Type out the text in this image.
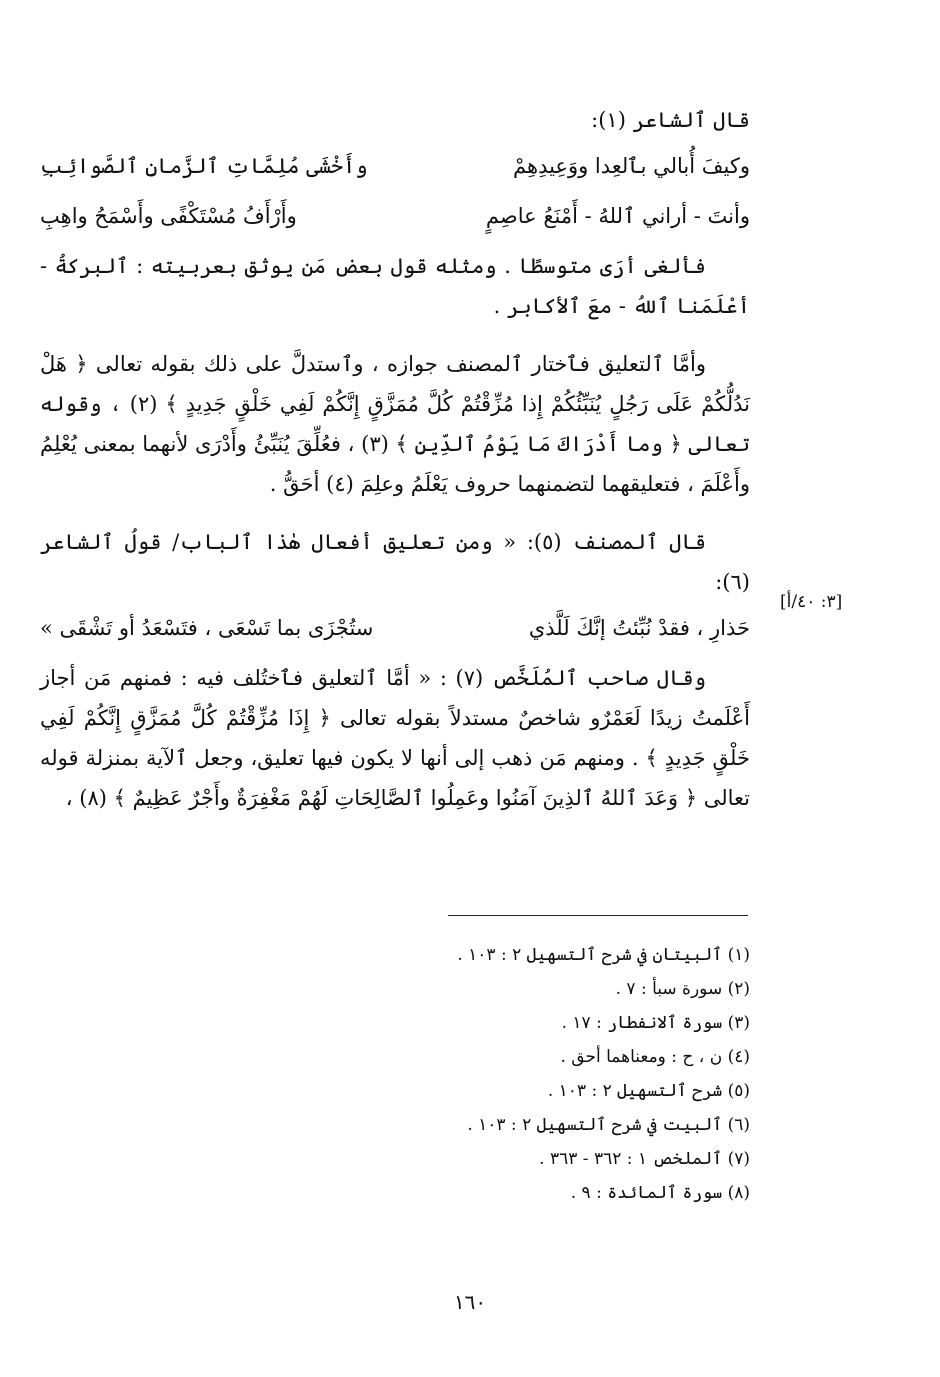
قال ٱلشاعر (١):

وكيفَ أُبالي بٱلعِدا ووَعِيدِهِمْ
وأَخْشَى مُلِمَّاتِ ٱلزَّمانِ ٱلصَّوائِبِ
وأنتَ - أراني ٱللهُ - أَمْنَعُ عاصِمٍ
وأَرْأَفُ مُسْتَكْفًى وأَسْمَحُ واهِبِ

فألغى أرَى متوسطًا . ومثله قول بعض مَن يوثق بعربيته : ٱلبركةُ - أعْلَمَنا ٱللهُ - معَ ٱلأكابر .

وأمَّا ٱلتعليق فٱختار ٱلمصنف جوازه ، وٱستدلَّ على ذلك بقوله تعالى ﴿ هَلْ نَدُلُّكُمْ عَلَى رَجُلٍ يُنَبِّئُكُمْ إِذا مُزِّقْتُمْ كُلَّ مُمَزَّقٍ إِنَّكُمْ لَفِي خَلْقٍ جَدِيدٍ ﴾ (٢) ، وقوله تعالى ﴿ وما أَدْرَاكَ مَا يَوْمُ ٱلدِّينِ ﴾ (٣) ، فعُلِّقَ يُنَبِّئُ وأَدْرَى لأنهما بمعنى يُعْلِمُ وأَعْلَمَ ، فتعليقهما لتضمنهما حروف يَعْلَمُ وعلِمَ (٤) أحَقُّ .

قال ٱلمصنف (٥): « ومن تعليق أفعال هٰذا ٱلباب/ قولُ ٱلشاعر (٦):

حَذارِ ، فقدْ نُبِّئتُ إنَّكَ لَلَّذي
ستُجْزَى بما تَسْعَى ، فتَسْعَدُ أو تَشْقَى »

وقال صاحب ٱلمُلَخَّص (٧) : « أمَّا ٱلتعليق فٱختُلف فيه : فمنهم مَن أجاز أَعْلَمتُ زيدًا لَعَمْرٌو شاخصٌ مستدلاً بقوله تعالى ﴿ إِذَا مُزِّقْتُمْ كُلَّ مُمَزَّقٍ إِنَّكُمْ لَفِي خَلْقٍ جَدِيدٍ ﴾ . ومنهم مَن ذهب إلى أنها لا يكون فيها تعليق، وجعل ٱلآية بمنزلة قوله تعالى ﴿ وَعَدَ ٱللهُ ٱلذِينَ آمَنُوا وعَمِلُوا ٱلصَّالِحَاتِ لَهُمْ مَغْفِرَةٌ وأَجْرٌ عَظِيمٌ ﴾ (٨) ،

[٣: ٤٠/أ]

(١) ٱلبيتان في شرح ٱلتسهيل ٢ : ١٠٣ .

(٢) سورة سبأ : ٧ .

(٣) سورة ٱلانفطار : ١٧ .

(٤) ن ، ح : ومعناهما أحق .

(٥) شرح ٱلتسهيل ٢ : ١٠٣ .

(٦) ٱلبيت في شرح ٱلتسهيل ٢ : ١٠٣ .

(٧) ٱلملخص ١ : ٣٦٢ - ٣٦٣ .

(٨) سورة ٱلمائدة : ٩ .

١٦٠
